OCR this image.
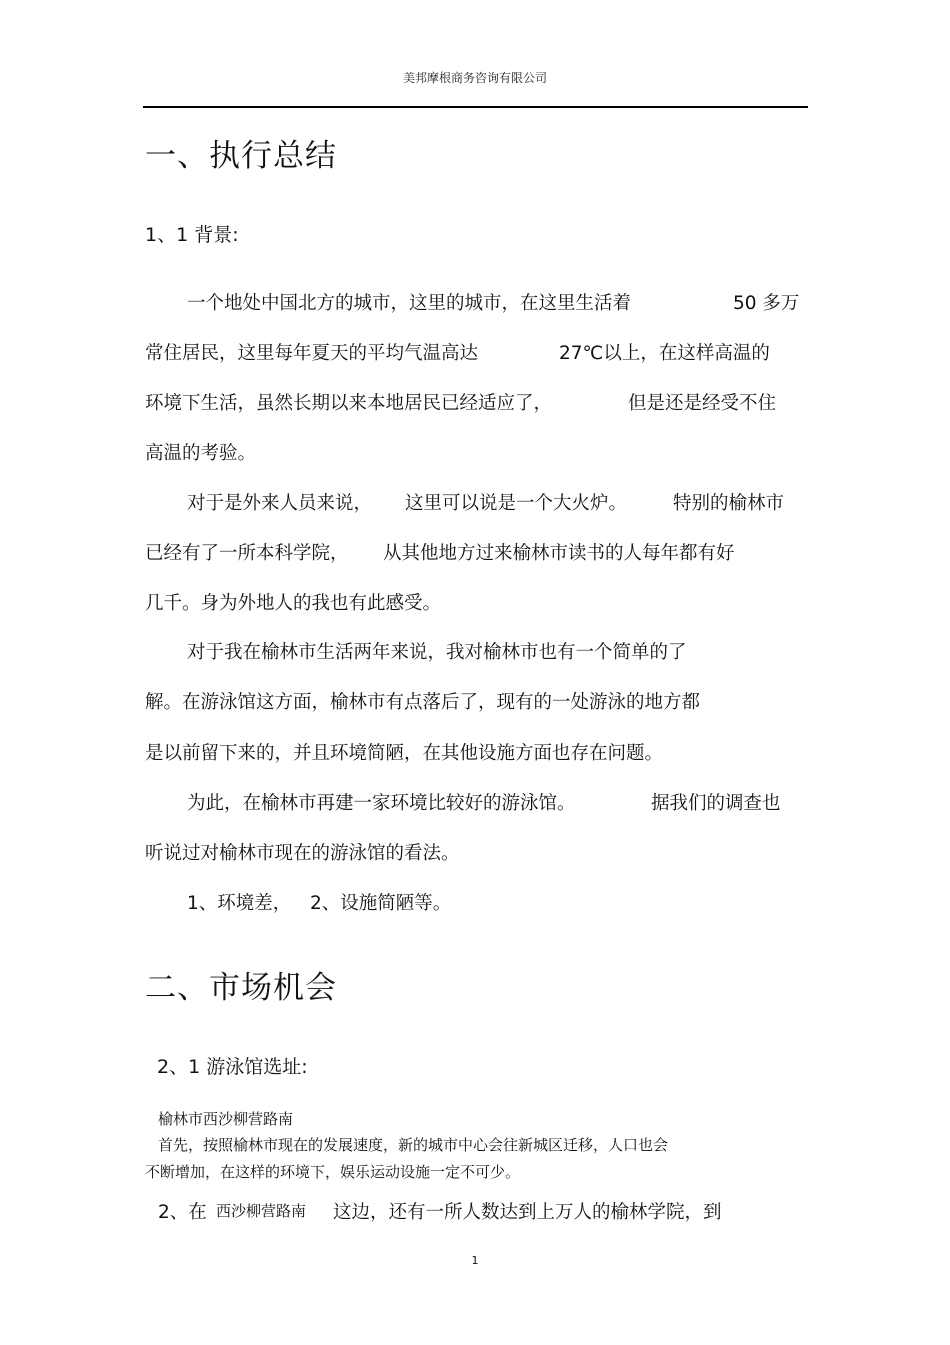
美邦摩根商务咨询有限公司
一、执行总结
1、1 背景:
一个地处中国北方的城市，这里的城市，在这里生活着	50 多万
常住居民，这里每年夏天的平均气温高达	27℃以上，在这样高温的
环境下生活，虽然长期以来本地居民已经适应了，	但是还是经受不住
高温的考验。
对于是外来人员来说， 这里可以说是一个大火炉。 特别的榆林市
已经有了一所本科学院， 从其他地方过来榆林市读书的人每年都有好
几千。身为外地人的我也有此感受。
对于我在榆林市生活两年来说，我对榆林市也有一个简单的了
解。在游泳馆这方面，榆林市有点落后了，现有的一处游泳的地方都
是以前留下来的，并且环境简陋，在其他设施方面也存在问题。
为此，在榆林市再建一家环境比较好的游泳馆。	据我们的调查也
听说过对榆林市现在的游泳馆的看法。
1、环境差， 2、设施简陋等。
二、市场机会
2、1 游泳馆选址:
榆林市西沙柳营路南
首先，按照榆林市现在的发展速度，新的城市中心会往新城区迁移，人口也会
不断增加，在这样的环境下，娱乐运动设施一定不可少。
2、在 西沙柳营路南 这边，还有一所人数达到上万人的榆林学院，到
1
